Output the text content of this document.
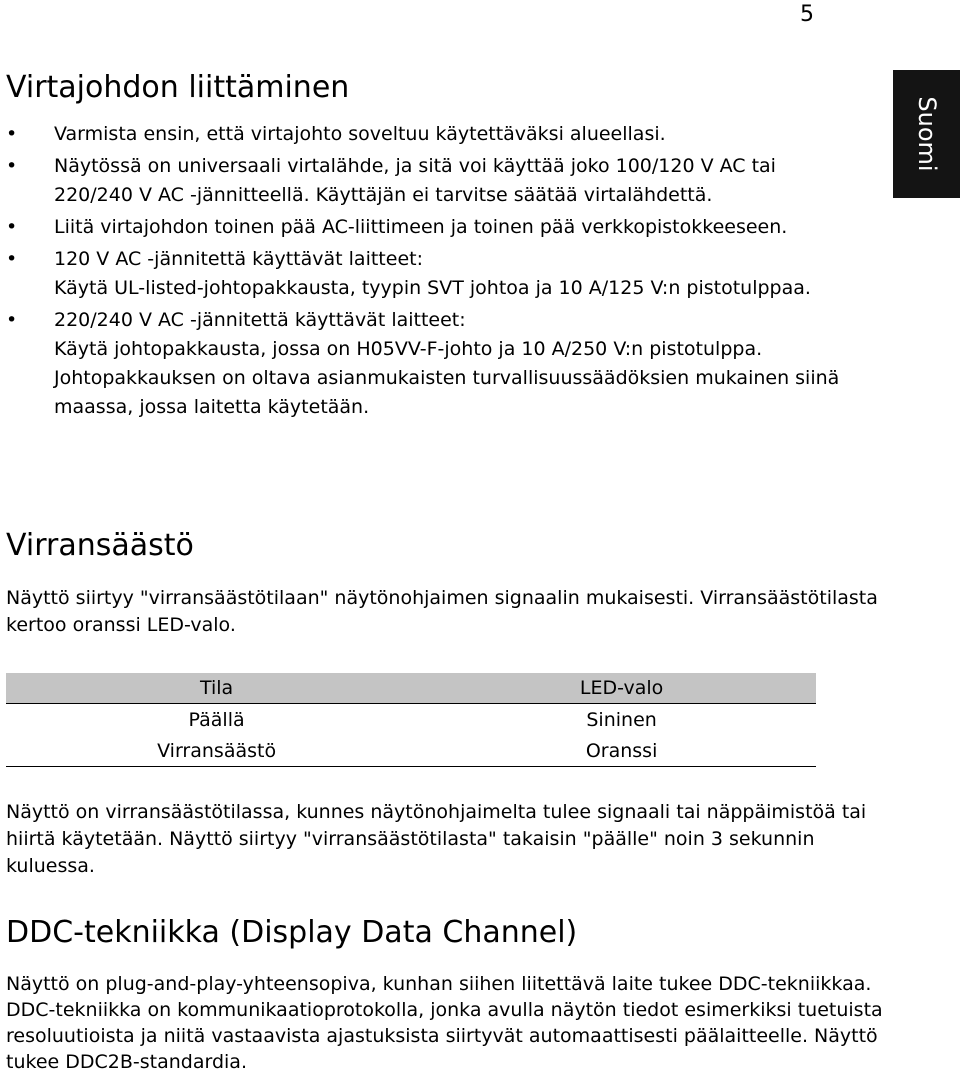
5
Suomi
Virtajohdon liittäminen
• Varmista ensin, että virtajohto soveltuu käytettäväksi alueellasi.
• Näytössä on universaali virtalähde, ja sitä voi käyttää joko 100/120 V AC tai 220/240 V AC -jännitteellä. Käyttäjän ei tarvitse säätää virtalähdettä.
• Liitä virtajohdon toinen pää AC-liittimeen ja toinen pää verkkopistokkeeseen.
• 120 V AC -jännitettä käyttävät laitteet:
Käytä UL-listed-johtopakkausta, tyypin SVT johtoa ja 10 A/125 V:n pistotulppaa.
• 220/240 V AC -jännitettä käyttävät laitteet:
Käytä johtopakkausta, jossa on H05VV-F-johto ja 10 A/250 V:n pistotulppa. Johtopakkauksen on oltava asianmukaisten turvallisuussäädöksien mukainen siinä maassa, jossa laitetta käytetään.
Virransäästö

Näyttö siirtyy "virransäästötilaan" näytönohjaimen signaalin mukaisesti. Virransäästötilasta kertoo oranssi LED-valo.

Tila	LED-valo
Päällä	Sininen
Virransäästö	Oranssi

Näyttö on virransäästötilassa, kunnes näytönohjaimelta tulee signaali tai näppäimistöä tai hiirtä käytetään. Näyttö siirtyy "virransäästötilasta" takaisin "päälle" noin 3 sekunnin kuluessa.

DDC-tekniikka (Display Data Channel)

Näyttö on plug-and-play-yhteensopiva, kunhan siihen liitettävä laite tukee DDC-tekniikkaa. DDC-tekniikka on kommunikaatioprotokolla, jonka avulla näytön tiedot esimerkiksi tuetuista resoluutioista ja niitä vastaavista ajastuksista siirtyvät automaattisesti päälaitteelle. Näyttö tukee DDC2B-standardia.
